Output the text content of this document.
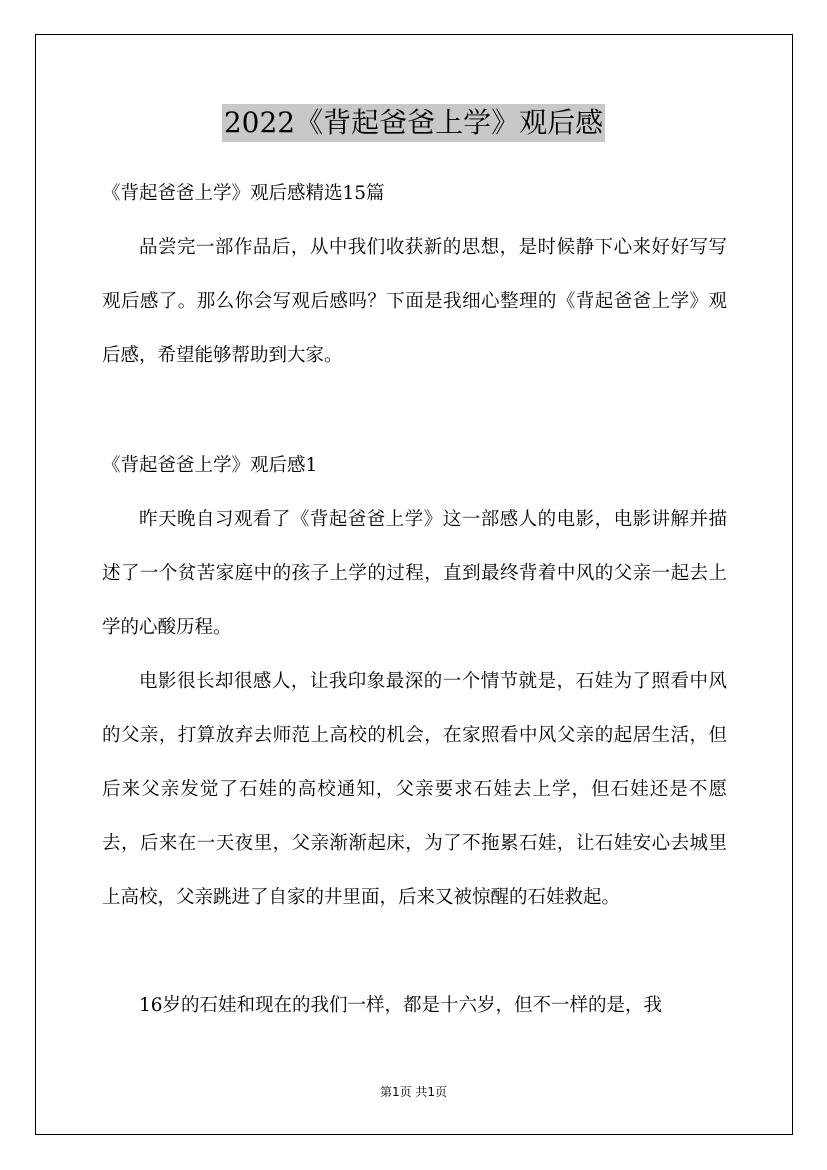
2022《背起爸爸上学》观后感
《背起爸爸上学》观后感精选15篇

品尝完一部作品后，从中我们收获新的思想，是时候静下心来好好写写观后感了。那么你会写观后感吗？下面是我细心整理的《背起爸爸上学》观后感，希望能够帮助到大家。

《背起爸爸上学》观后感1

昨天晚自习观看了《背起爸爸上学》这一部感人的电影，电影讲解并描述了一个贫苦家庭中的孩子上学的过程，直到最终背着中风的父亲一起去上学的心酸历程。

电影很长却很感人，让我印象最深的一个情节就是，石娃为了照看中风的父亲，打算放弃去师范上高校的机会，在家照看中风父亲的起居生活，但后来父亲发觉了石娃的高校通知，父亲要求石娃去上学，但石娃还是不愿去，后来在一天夜里，父亲渐渐起床，为了不拖累石娃，让石娃安心去城里上高校，父亲跳进了自家的井里面，后来又被惊醒的石娃救起。

16岁的石娃和现在的我们一样，都是十六岁，但不一样的是，我

第1页 共1页
